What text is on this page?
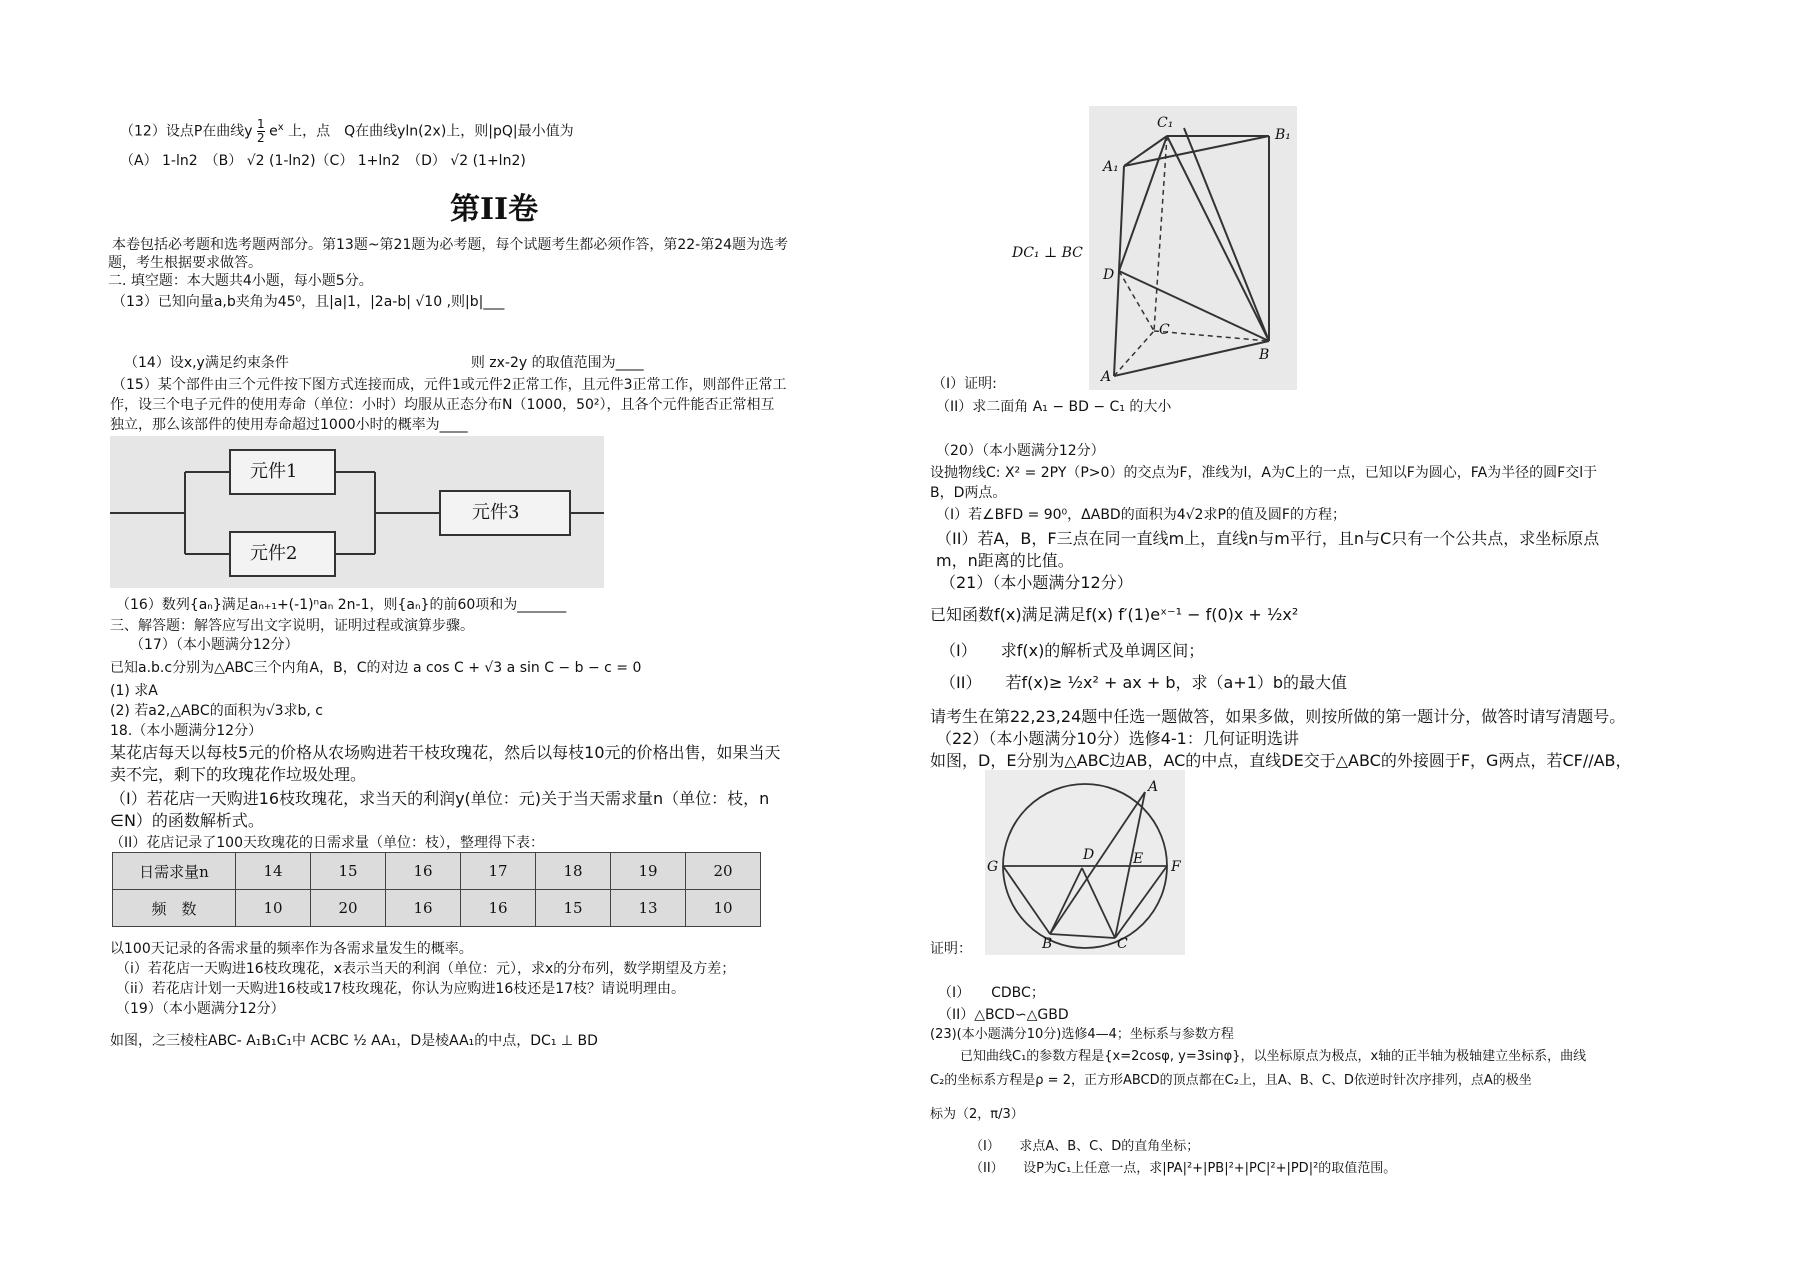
（12）设点P在曲线y $\frac{1}{2} e^x$ 上，点　Q在曲线yln(2x)上，则|pQ|最小值为
（A） 1-ln2　（B） √2 (1-ln2)（C） 1+ln2　（D） √2 (1+ln2)
第II卷
本卷包括必考题和选考题两部分。第13题~第21题为必考题，每个试题考生都必须作答，第22-第24题为选考
题，考生根据要求做答。
二. 填空题：本大题共4小题，每小题5分。
（13）已知向量a,b夹角为45⁰，且|a|1，|2a-b| √10 ,则|b|___
（14）设x,y满足约束条件　　　　　　　　　　　　　则 zx-2y 的取值范围为____
（15）某个部件由三个元件按下图方式连接而成，元件1或元件2正常工作，且元件3正常工作，则部件正常工
作，设三个电子元件的使用寿命（单位：小时）均服从正态分布N（1000，50²），且各个元件能否正常相互
独立，那么该部件的使用寿命超过1000小时的概率为____
元件1
元件2
元件3
（16）数列{aₙ}满足aₙ₊₁+(-1)ⁿaₙ 2n-1，则{aₙ}的前60项和为_______
三、解答题：解答应写出文字说明，证明过程或演算步骤。
（17）（本小题满分12分）
已知a.b.c分别为△ABC三个内角A，B，C的对边 a cos C + √3 a sin C − b − c = 0
(1) 求A
(2) 若a2,△ABC的面积为√3求b, c
18.（本小题满分12分）
某花店每天以每枝5元的价格从农场购进若干枝玫瑰花，然后以每枝10元的价格出售，如果当天
卖不完，剩下的玫瑰花作垃圾处理。
（Ⅰ）若花店一天购进16枝玫瑰花，求当天的利润y(单位：元)关于当天需求量n（单位：枝，n
∈N）的函数解析式。
（ⅠⅠ）花店记录了100天玫瑰花的日需求量（单位：枝），整理得下表：
日需求量n	14	15	16	17	18	19	20
频　数	10	20	16	16	15	13	10
以100天记录的各需求量的频率作为各需求量发生的概率。
（i）若花店一天购进16枝玫瑰花，x表示当天的利润（单位：元），求x的分布列，数学期望及方差；
（ii）若花店计划一天购进16枝或17枝玫瑰花，你认为应购进16枝还是17枝？请说明理由。
（19）（本小题满分12分）
如图，之三棱柱ABC- A₁B₁C₁中 ACBC ½ AA₁，D是棱AA₁的中点，DC₁ ⊥ BD
DC₁ ⊥ BC
C₁
B₁
A₁
D
C
B
A
（Ⅰ）证明:
（ⅠⅠ）求二面角 A₁ − BD − C₁ 的大小
（20）（本小题满分12分）
设抛物线C: X² = 2PY（P>0）的交点为F，准线为l，A为C上的一点，已知以F为圆心，FA为半径的圆F交l于
B，D两点。
（I）若∠BFD = 90⁰，ΔABD的面积为4√2求P的值及圆F的方程；
（II）若A，B，F三点在同一直线m上，直线n与m平行，且n与C只有一个公共点，求坐标原点
m，n距离的比值。
（21）（本小题满分12分）
已知函数f(x)满足满足f(x) f′(1)eˣ⁻¹ − f(0)x + ½x²
（I）　　求f(x)的解析式及单调区间；
（II）　　若f(x)≥ ½x² + ax + b，求（a+1）b的最大值
请考生在第22,23,24题中任选一题做答，如果多做，则按所做的第一题计分，做答时请写清题号。
（22）（本小题满分10分）选修4-1：几何证明选讲
如图，D，E分别为△ABC边AB，AC的中点，直线DE交于△ABC的外接圆于F，G两点，若CF//AB，
A
D	E
G	F
B	C
证明：
（I）　　CDBC；
（II）△BCD∽△GBD
(23)(本小题满分10分)选修4—4；坐标系与参数方程
已知曲线C₁的参数方程是{x=2cosφ, y=3sinφ}，以坐标原点为极点，x轴的正半轴为极轴建立坐标系，曲线
C₂的坐标系方程是ρ = 2，正方形ABCD的顶点都在C₂上，且A、B、C、D依逆时针次序排列，点A的极坐
标为（2，π/3）
（I）　　求点A、B、C、D的直角坐标；
（II）　　设P为C₁上任意一点，求|PA|²+|PB|²+|PC|²+|PD|²的取值范围。
